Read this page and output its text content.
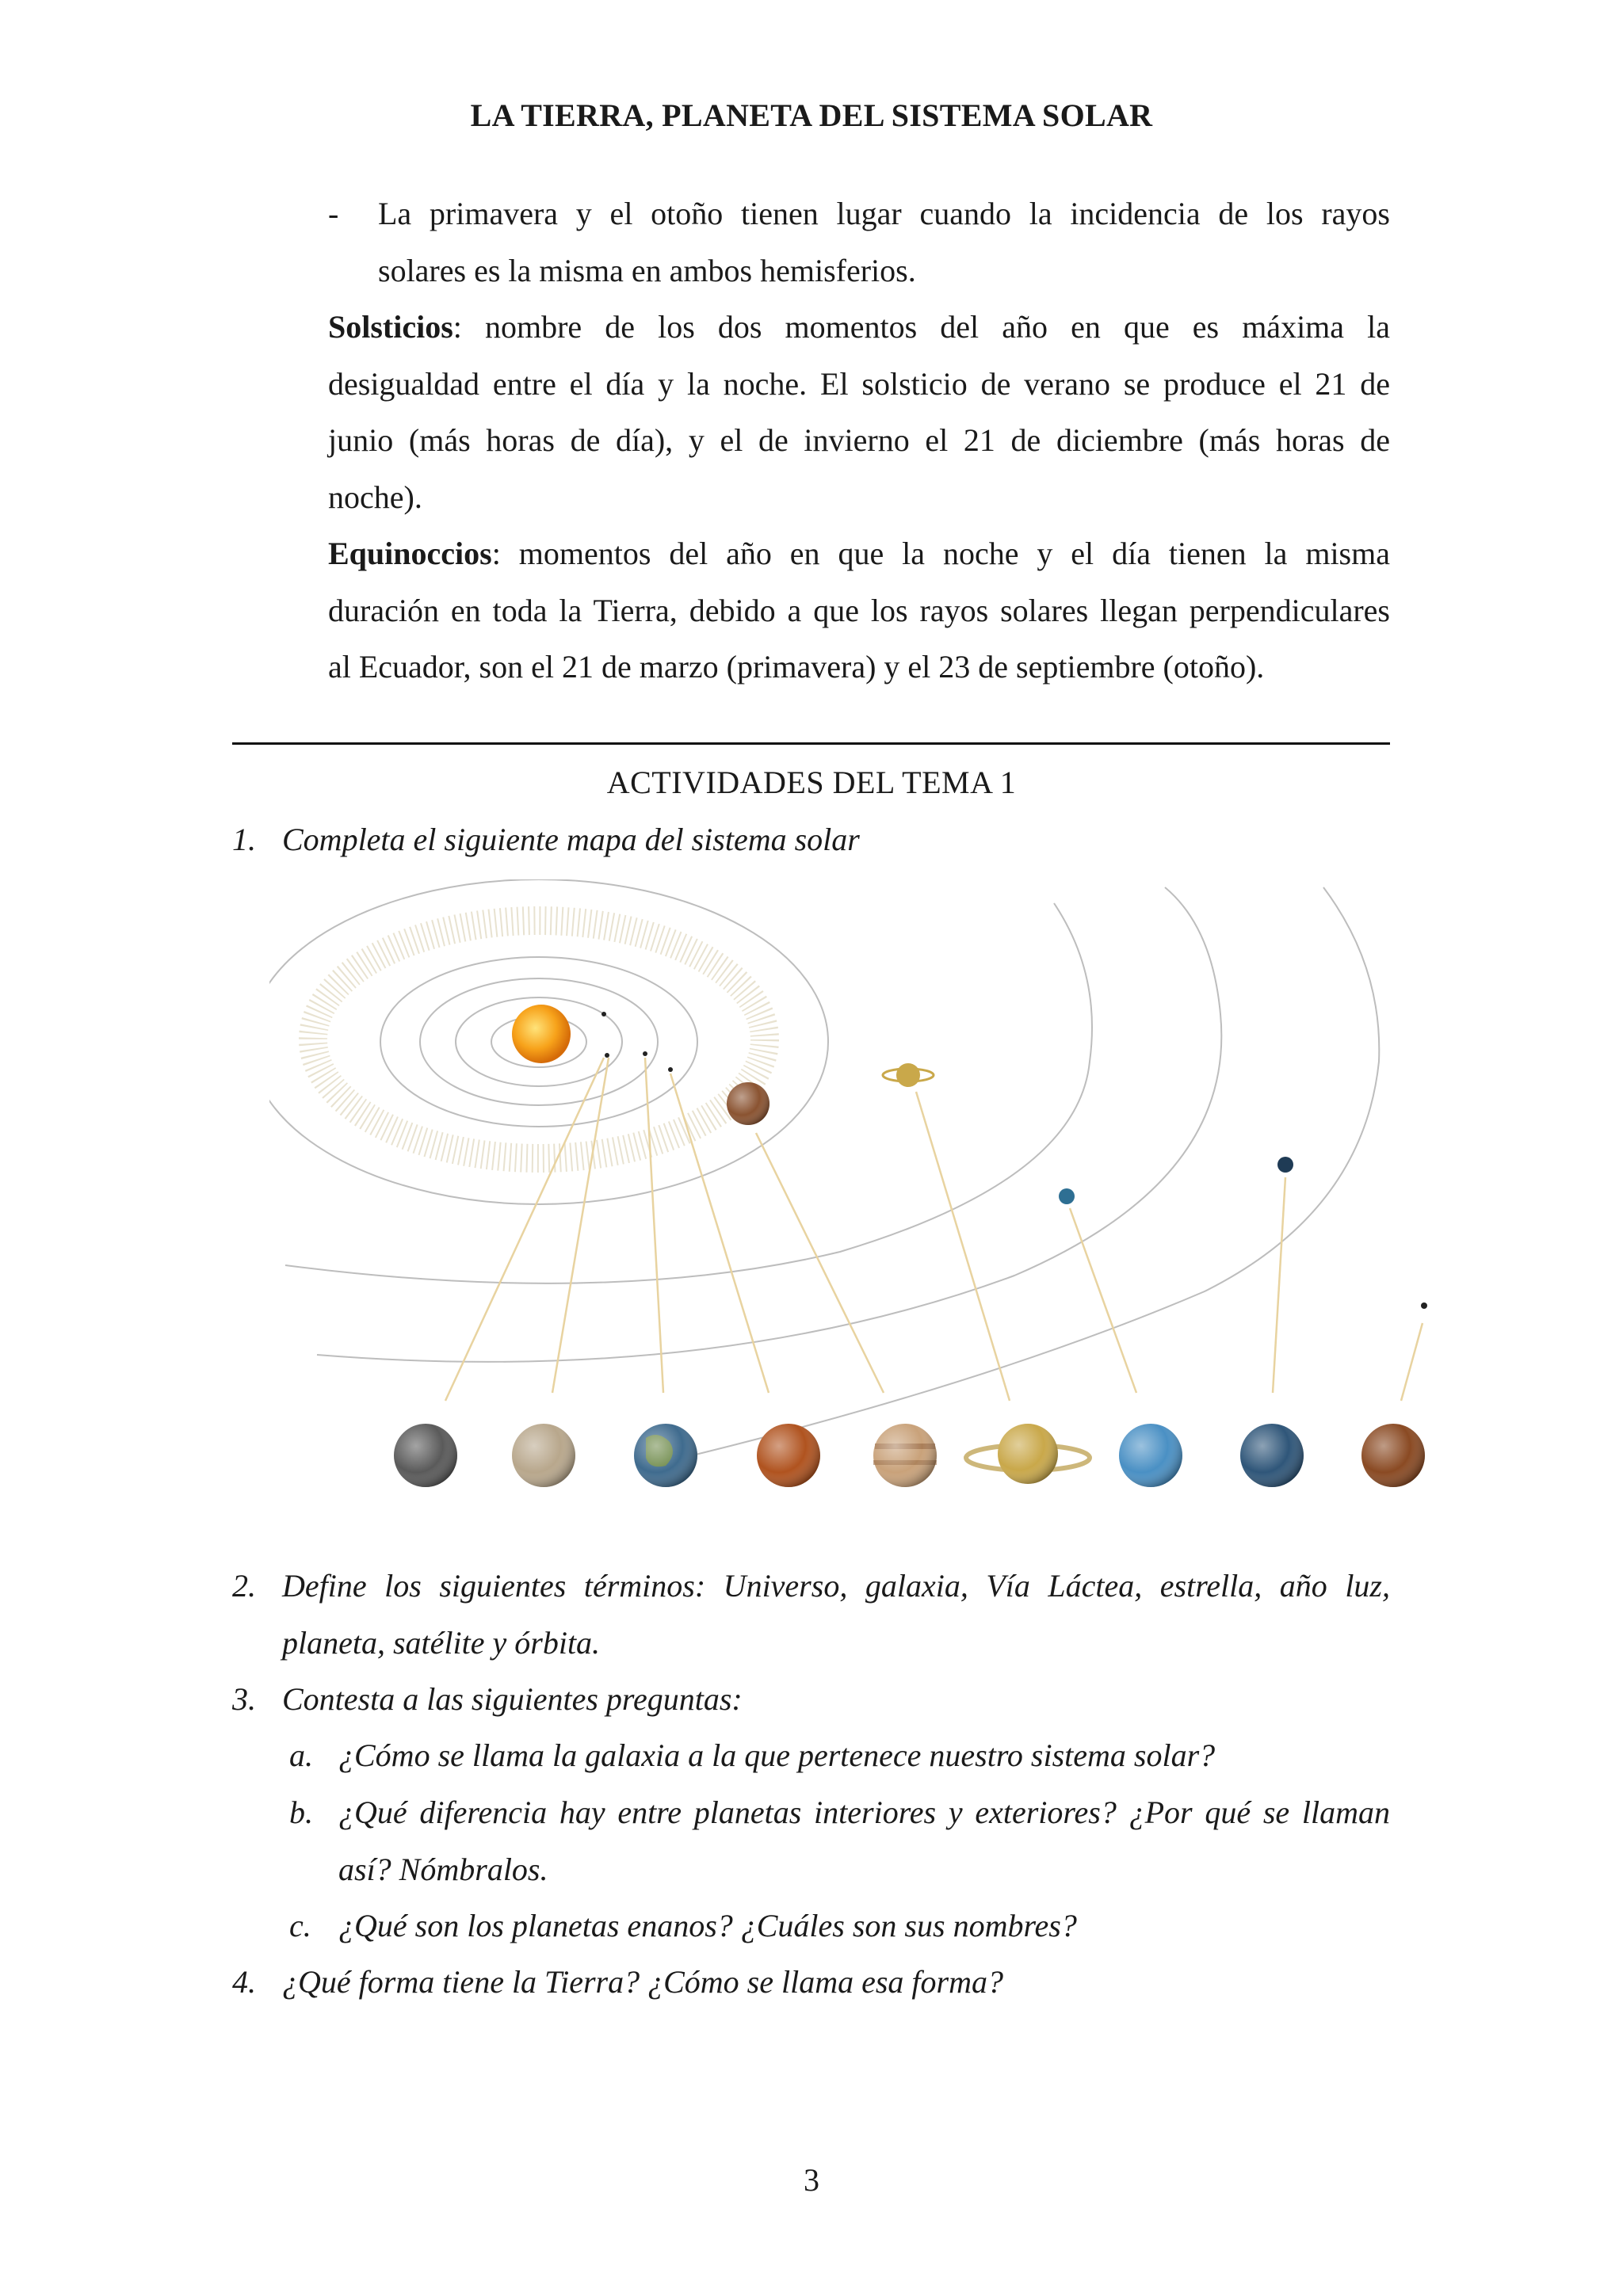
LA TIERRA, PLANETA DEL SISTEMA SOLAR
- La primavera y el otoño tienen lugar cuando la incidencia de los rayos
solares es la misma en ambos hemisferios.
Solsticios: nombre de los dos momentos del año en que es máxima la
desigualdad entre el día y la noche. El solsticio de verano se produce el 21 de
junio (más horas de día), y el de invierno el 21 de diciembre (más horas de
noche).
Equinoccios: momentos del año en que la noche y el día tienen la misma
duración en toda la Tierra, debido a que los rayos solares llegan perpendiculares
al Ecuador, son el 21 de marzo (primavera) y el 23 de septiembre (otoño).
ACTIVIDADES DEL TEMA 1
1. Completa el siguiente mapa del sistema solar
2. Define los siguientes términos: Universo, galaxia, Vía Láctea, estrella, año luz,
planeta, satélite y órbita.
3. Contesta a las siguientes preguntas:
a. ¿Cómo se llama la galaxia a la que pertenece nuestro sistema solar?
b. ¿Qué diferencia hay entre planetas interiores y exteriores? ¿Por qué se llaman
así? Nómbralos.
c. ¿Qué son los planetas enanos? ¿Cuáles son sus nombres?
4. ¿Qué forma tiene la Tierra? ¿Cómo se llama esa forma?
3
